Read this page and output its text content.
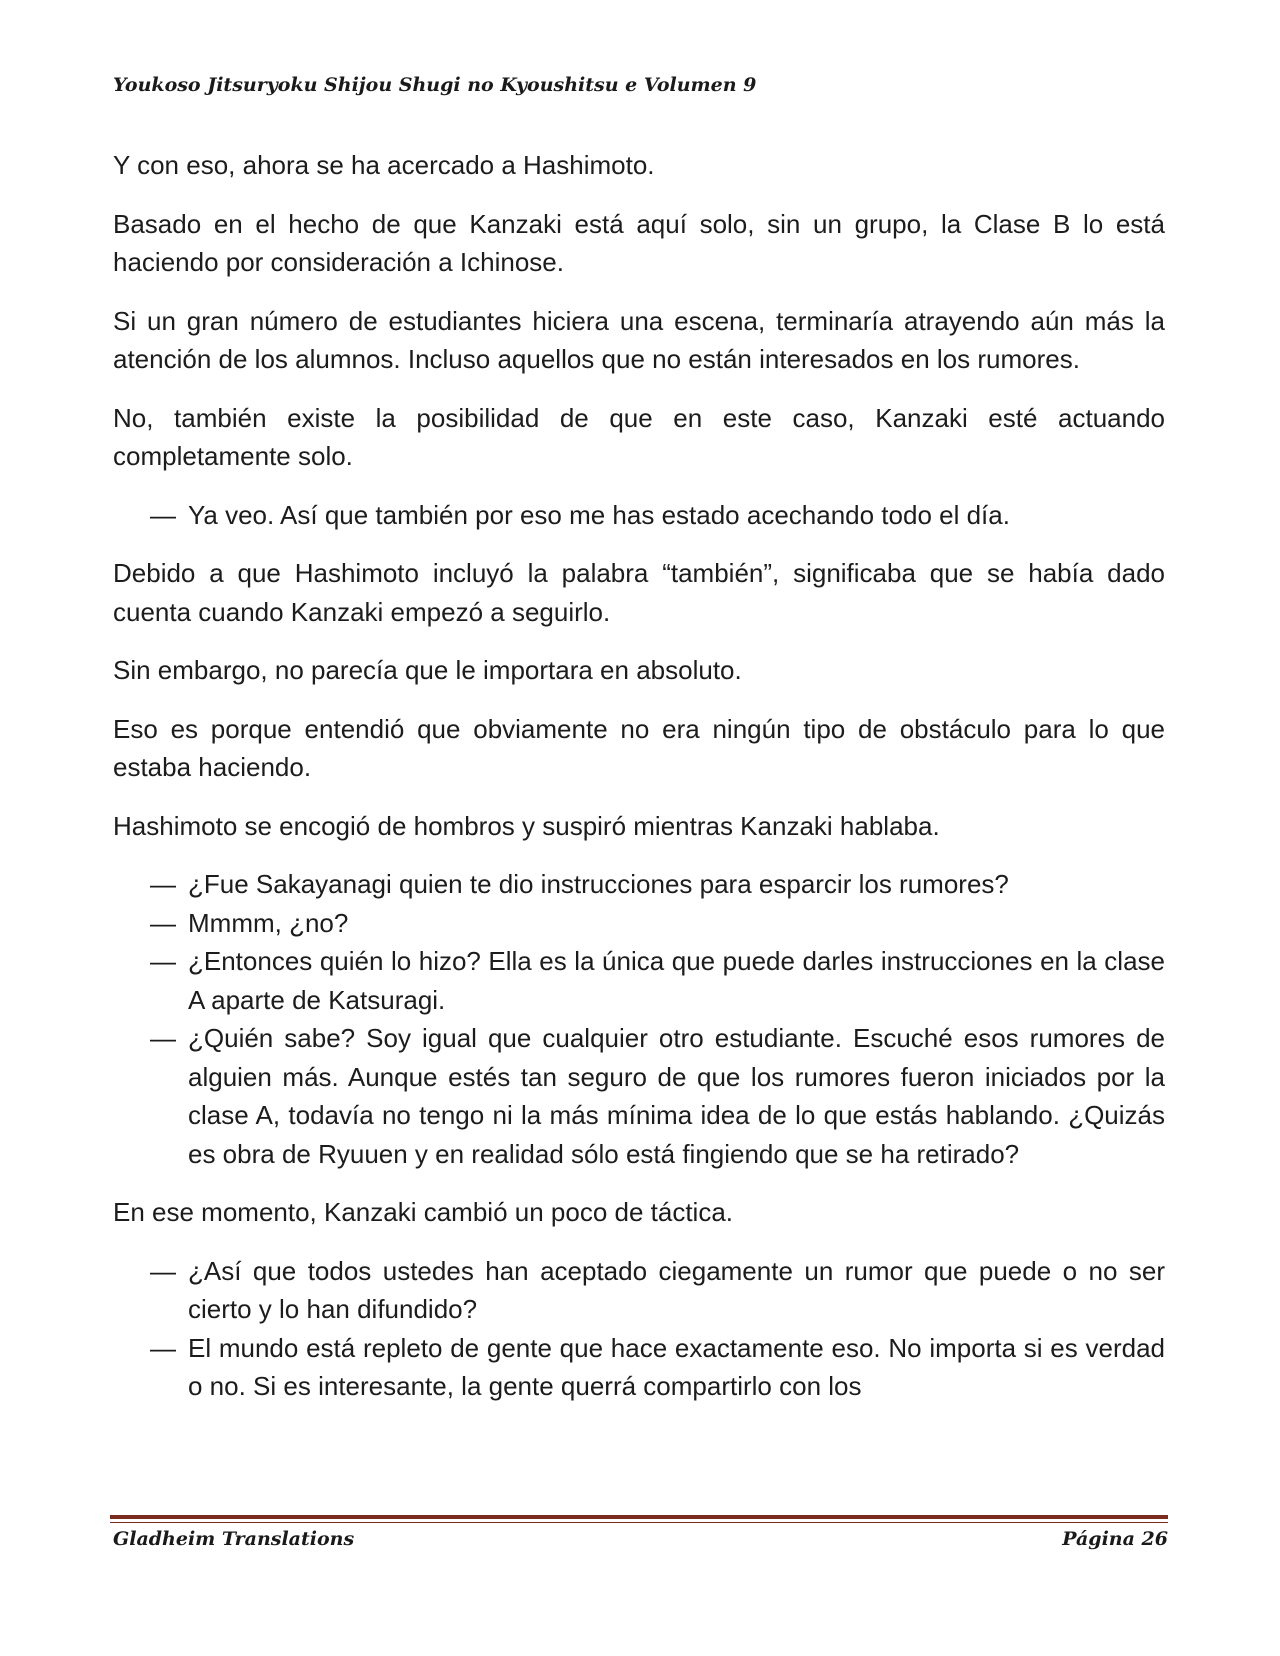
Youkoso Jitsuryoku Shijou Shugi no Kyoushitsu e Volumen 9

Y con eso, ahora se ha acercado a Hashimoto.

Basado en el hecho de que Kanzaki está aquí solo, sin un grupo, la Clase B lo está haciendo por consideración a Ichinose.

Si un gran número de estudiantes hiciera una escena, terminaría atrayendo aún más la atención de los alumnos. Incluso aquellos que no están interesados en los rumores.

No, también existe la posibilidad de que en este caso, Kanzaki esté actuando completamente solo.

— Ya veo. Así que también por eso me has estado acechando todo el día.

Debido a que Hashimoto incluyó la palabra “también”, significaba que se había dado cuenta cuando Kanzaki empezó a seguirlo.

Sin embargo, no parecía que le importara en absoluto.

Eso es porque entendió que obviamente no era ningún tipo de obstáculo para lo que estaba haciendo.

Hashimoto se encogió de hombros y suspiró mientras Kanzaki hablaba.

— ¿Fue Sakayanagi quien te dio instrucciones para esparcir los rumores?
— Mmmm, ¿no?
— ¿Entonces quién lo hizo? Ella es la única que puede darles instrucciones en la clase A aparte de Katsuragi.
— ¿Quién sabe? Soy igual que cualquier otro estudiante. Escuché esos rumores de alguien más. Aunque estés tan seguro de que los rumores fueron iniciados por la clase A, todavía no tengo ni la más mínima idea de lo que estás hablando. ¿Quizás es obra de Ryuuen y en realidad sólo está fingiendo que se ha retirado?

En ese momento, Kanzaki cambió un poco de táctica.

— ¿Así que todos ustedes han aceptado ciegamente un rumor que puede o no ser cierto y lo han difundido?
— El mundo está repleto de gente que hace exactamente eso. No importa si es verdad o no. Si es interesante, la gente querrá compartirlo con los
Gladheim Translations	Página 26
